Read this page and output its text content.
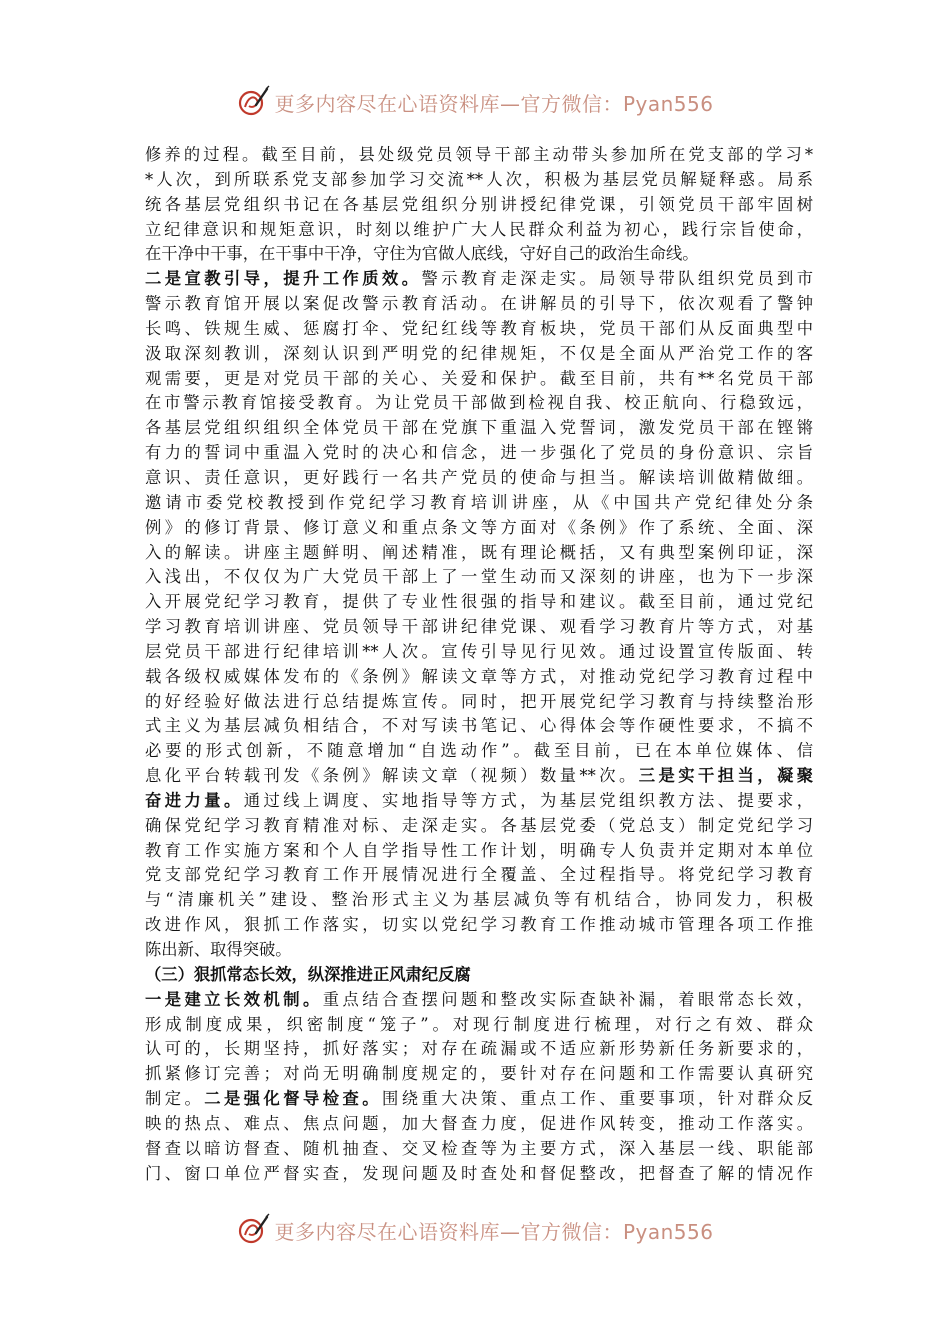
更多内容尽在心语资料库—官方微信：Pyan556
修养的过程。截至目前，县处级党员领导干部主动带头参加所在党支部的学习*
*人次，到所联系党支部参加学习交流**人次，积极为基层党员解疑释惑。局系
统各基层党组织书记在各基层党组织分别讲授纪律党课，引领党员干部牢固树
立纪律意识和规矩意识，时刻以维护广大人民群众利益为初心，践行宗旨使命，
在干净中干事，在干事中干净，守住为官做人底线，守好自己的政治生命线。
二是宣教引导，提升工作质效。警示教育走深走实。局领导带队组织党员到市
警示教育馆开展以案促改警示教育活动。在讲解员的引导下，依次观看了警钟
长鸣、铁规生威、惩腐打伞、党纪红线等教育板块，党员干部们从反面典型中
汲取深刻教训，深刻认识到严明党的纪律规矩，不仅是全面从严治党工作的客
观需要，更是对党员干部的关心、关爱和保护。截至目前，共有**名党员干部
在市警示教育馆接受教育。为让党员干部做到检视自我、校正航向、行稳致远，
各基层党组织组织全体党员干部在党旗下重温入党誓词，激发党员干部在铿锵
有力的誓词中重温入党时的决心和信念，进一步强化了党员的身份意识、宗旨
意识、责任意识，更好践行一名共产党员的使命与担当。解读培训做精做细。
邀请市委党校教授到作党纪学习教育培训讲座，从《中国共产党纪律处分条
例》的修订背景、修订意义和重点条文等方面对《条例》作了系统、全面、深
入的解读。讲座主题鲜明、阐述精准，既有理论概括，又有典型案例印证，深
入浅出，不仅仅为广大党员干部上了一堂生动而又深刻的讲座，也为下一步深
入开展党纪学习教育，提供了专业性很强的指导和建议。截至目前，通过党纪
学习教育培训讲座、党员领导干部讲纪律党课、观看学习教育片等方式，对基
层党员干部进行纪律培训**人次。宣传引导见行见效。通过设置宣传版面、转
载各级权威媒体发布的《条例》解读文章等方式，对推动党纪学习教育过程中
的好经验好做法进行总结提炼宣传。同时，把开展党纪学习教育与持续整治形
式主义为基层减负相结合，不对写读书笔记、心得体会等作硬性要求，不搞不
必要的形式创新，不随意增加“自选动作”。截至目前，已在本单位媒体、信
息化平台转载刊发《条例》解读文章（视频）数量**次。三是实干担当，凝聚
奋进力量。通过线上调度、实地指导等方式，为基层党组织教方法、提要求，
确保党纪学习教育精准对标、走深走实。各基层党委（党总支）制定党纪学习
教育工作实施方案和个人自学指导性工作计划，明确专人负责并定期对本单位
党支部党纪学习教育工作开展情况进行全覆盖、全过程指导。将党纪学习教育
与“清廉机关”建设、整治形式主义为基层减负等有机结合，协同发力，积极
改进作风，狠抓工作落实，切实以党纪学习教育工作推动城市管理各项工作推
陈出新、取得突破。
（三）狠抓常态长效，纵深推进正风肃纪反腐
一是建立长效机制。重点结合查摆问题和整改实际查缺补漏，着眼常态长效，
形成制度成果，织密制度“笼子”。对现行制度进行梳理，对行之有效、群众
认可的，长期坚持，抓好落实；对存在疏漏或不适应新形势新任务新要求的，
抓紧修订完善；对尚无明确制度规定的，要针对存在问题和工作需要认真研究
制定。二是强化督导检查。围绕重大决策、重点工作、重要事项，针对群众反
映的热点、难点、焦点问题，加大督查力度，促进作风转变，推动工作落实。
督查以暗访督查、随机抽查、交叉检查等为主要方式，深入基层一线、职能部
门、窗口单位严督实查，发现问题及时查处和督促整改，把督查了解的情况作
更多内容尽在心语资料库—官方微信：Pyan556
